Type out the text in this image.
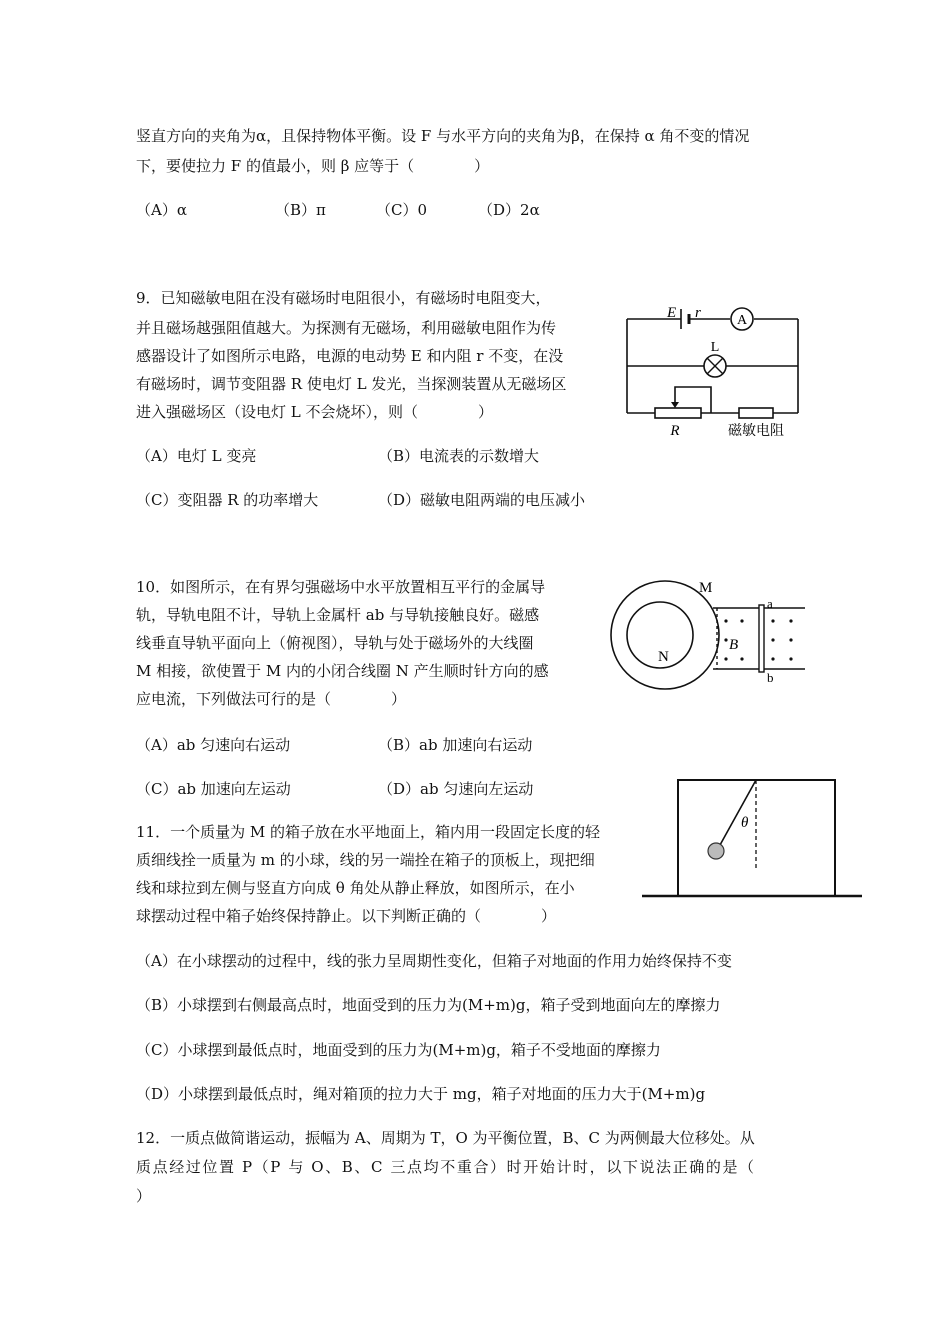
竖直方向的夹角为α，且保持物体平衡。设 F 与水平方向的夹角为β，在保持 α 角不变的情况
下，要使拉力 F 的值最小，则 β 应等于（　　　　）
（A）α	（B）π	（C）0	（D）2α
9．已知磁敏电阻在没有磁场时电阻很小，有磁场时电阻变大，
并且磁场越强阻值越大。为探测有无磁场，利用磁敏电阻作为传
感器设计了如图所示电路，电源的电动势 E 和内阻 r 不变，在没
有磁场时，调节变阻器 R 使电灯 L 发光，当探测装置从无磁场区
进入强磁场区（设电灯 L 不会烧坏），则（　　　　）
（A）电灯 L 变亮	（B）电流表的示数增大
（C）变阻器 R 的功率增大	（D）磁敏电阻两端的电压减小
A
L
E r
R	磁敏电阻
10．如图所示，在有界匀强磁场中水平放置相互平行的金属导
轨，导轨电阻不计，导轨上金属杆 ab 与导轨接触良好。磁感
线垂直导轨平面向上（俯视图），导轨与处于磁场外的大线圈
M 相接，欲使置于 M 内的小闭合线圈 N 产生顺时针方向的感
应电流，下列做法可行的是（　　　　）
（A）ab 匀速向右运动	（B）ab 加速向右运动
（C）ab 加速向左运动	（D）ab 匀速向左运动
M
N
B
a
b
11．一个质量为 M 的箱子放在水平地面上，箱内用一段固定长度的轻
质细线拴一质量为 m 的小球，线的另一端拴在箱子的顶板上，现把细
线和球拉到左侧与竖直方向成 θ 角处从静止释放，如图所示，在小
球摆动过程中箱子始终保持静止。以下判断正确的（　　　　）
（A）在小球摆动的过程中，线的张力呈周期性变化，但箱子对地面的作用力始终保持不变
（B）小球摆到右侧最高点时，地面受到的压力为(M+m)g，箱子受到地面向左的摩擦力
（C）小球摆到最低点时，地面受到的压力为(M+m)g，箱子不受地面的摩擦力
（D）小球摆到最低点时，绳对箱顶的拉力大于 mg，箱子对地面的压力大于(M+m)g
θ
12．一质点做简谐运动，振幅为 A、周期为 T，O 为平衡位置，B、C 为两侧最大位移处。从
质点经过位置 P（P 与 O、B、C 三点均不重合）时开始计时，以下说法正确的是（
）
